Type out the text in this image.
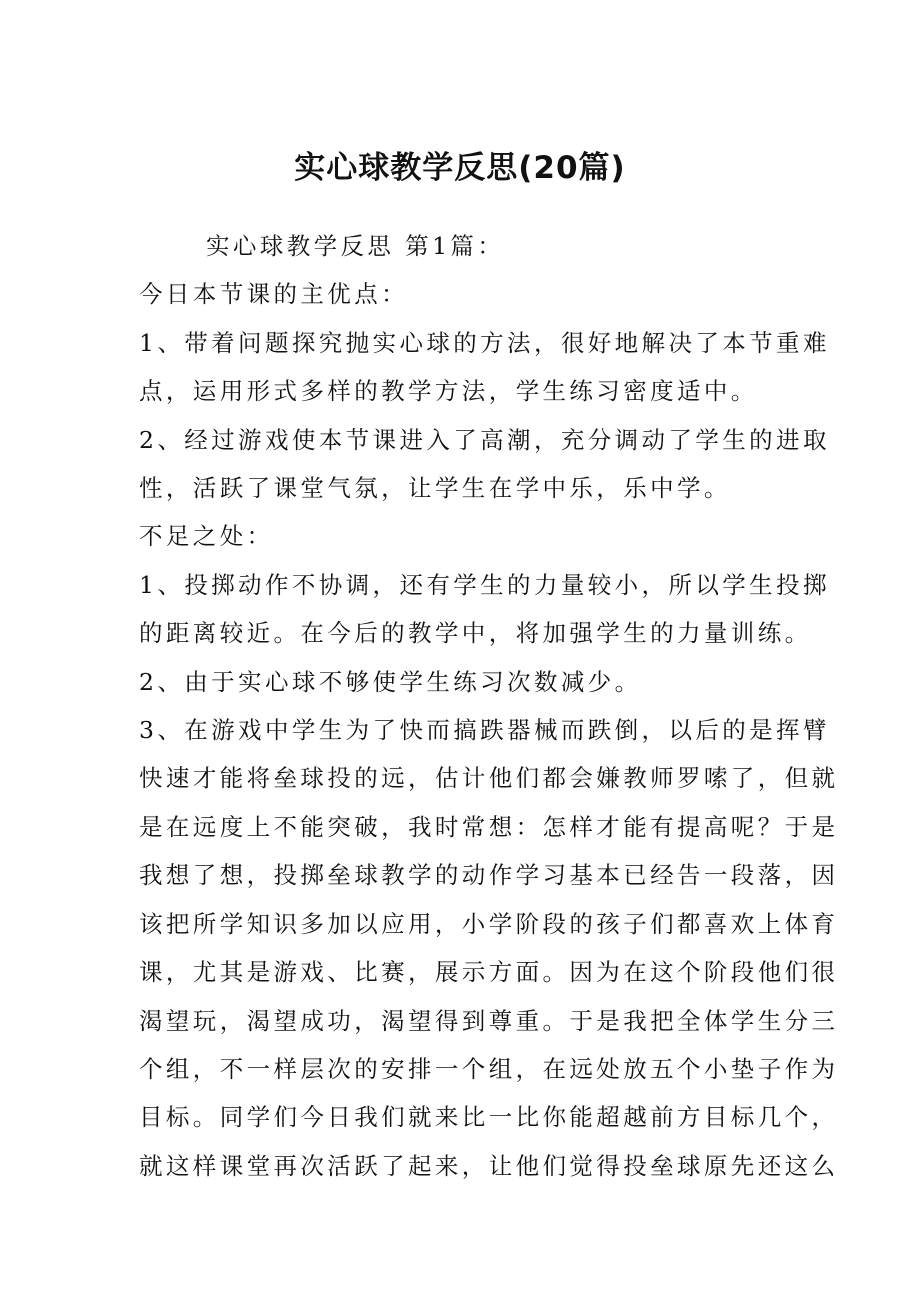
实心球教学反思(20篇)

实心球教学反思 第1篇：

今日本节课的主优点：

1、带着问题探究抛实心球的方法，很好地解决了本节重难

点，运用形式多样的教学方法，学生练习密度适中。

2、经过游戏使本节课进入了高潮，充分调动了学生的进取

性，活跃了课堂气氛，让学生在学中乐，乐中学。

不足之处：

1、投掷动作不协调，还有学生的力量较小，所以学生投掷

的距离较近。在今后的教学中，将加强学生的力量训练。

2、由于实心球不够使学生练习次数减少。

3、在游戏中学生为了快而搞跌器械而跌倒，以后的是挥臂

快速才能将垒球投的远，估计他们都会嫌教师罗嗦了，但就

是在远度上不能突破，我时常想：怎样才能有提高呢？于是

我想了想，投掷垒球教学的动作学习基本已经告一段落，因

该把所学知识多加以应用，小学阶段的孩子们都喜欢上体育

课，尤其是游戏、比赛，展示方面。因为在这个阶段他们很

渴望玩，渴望成功，渴望得到尊重。于是我把全体学生分三

个组，不一样层次的安排一个组，在远处放五个小垫子作为

目标。同学们今日我们就来比一比你能超越前方目标几个，

就这样课堂再次活跃了起来，让他们觉得投垒球原先还这么
